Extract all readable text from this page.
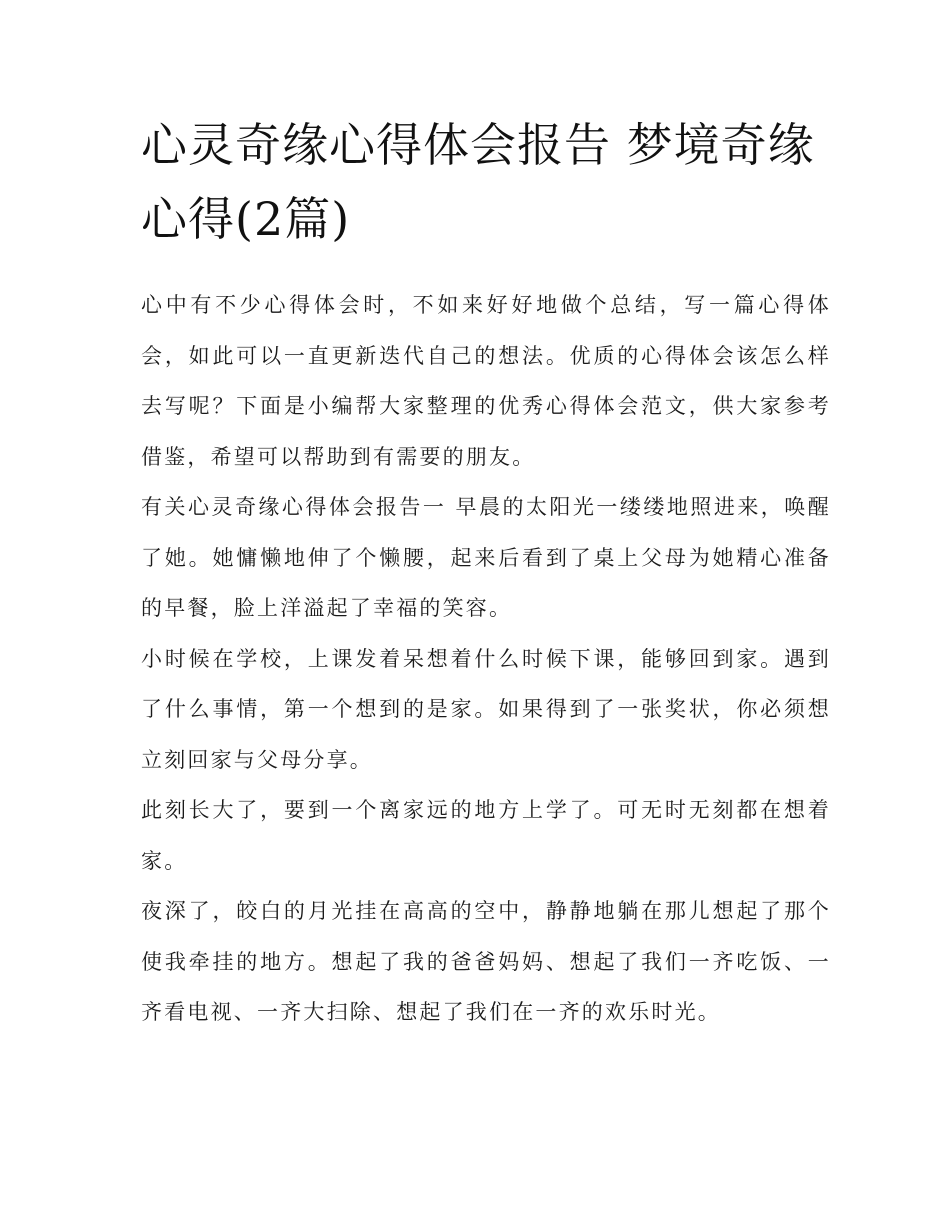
心灵奇缘心得体会报告 梦境奇缘心得(2篇)

心中有不少心得体会时，不如来好好地做个总结，写一篇心得体会，如此可以一直更新迭代自己的想法。优质的心得体会该怎么样去写呢？下面是小编帮大家整理的优秀心得体会范文，供大家参考借鉴，希望可以帮助到有需要的朋友。

有关心灵奇缘心得体会报告一 早晨的太阳光一缕缕地照进来，唤醒了她。她慵懒地伸了个懒腰，起来后看到了桌上父母为她精心准备的早餐，脸上洋溢起了幸福的笑容。

小时候在学校，上课发着呆想着什么时候下课，能够回到家。遇到了什么事情，第一个想到的是家。如果得到了一张奖状，你必须想立刻回家与父母分享。

此刻长大了，要到一个离家远的地方上学了。可无时无刻都在想着家。

夜深了，皎白的月光挂在高高的空中，静静地躺在那儿想起了那个使我牵挂的地方。想起了我的爸爸妈妈、想起了我们一齐吃饭、一齐看电视、一齐大扫除、想起了我们在一齐的欢乐时光。
